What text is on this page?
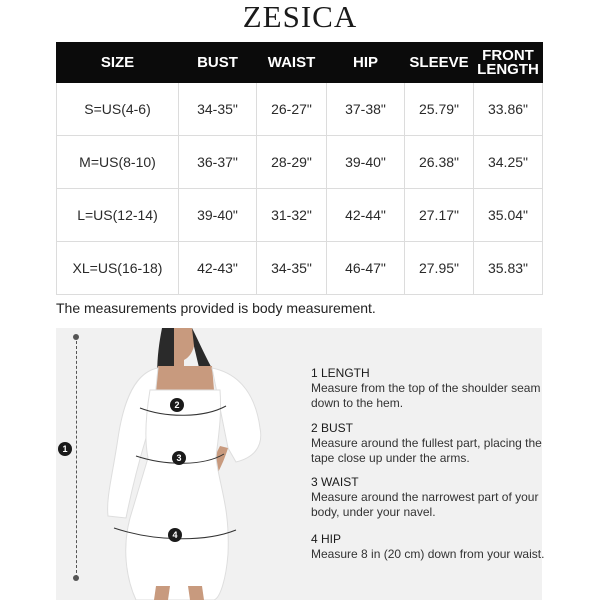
ZESICA
SIZE	BUST	WAIST	HIP	SLEEVE	FRONT LENGTH
S=US(4-6)	34-35"	26-27"	37-38"	25.79"	33.86"
M=US(8-10)	36-37"	28-29"	39-40"	26.38"	34.25"
L=US(12-14)	39-40"	31-32"	42-44"	27.17"	35.04"
XL=US(16-18)	42-43"	34-35"	46-47"	27.95"	35.83"
The measurements provided is body measurement.
1
2
3
4
1 LENGTH
Measure from the top of the shoulder seam down to the hem.
2 BUST
Measure around the fullest part, placing the tape close up under the arms.
3 WAIST
Measure around the narrowest part of your body, under your navel.
4 HIP
Measure 8 in (20 cm) down from your waist.
